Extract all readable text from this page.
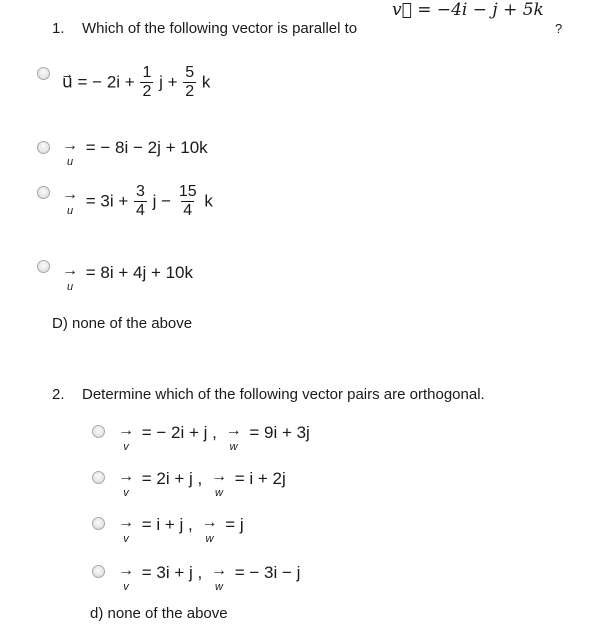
v⃗ = −4i − j + 5k
1. Which of the following vector is parallel to	?
u⃗ = − $2i + \frac{1}{2}$ $j + \frac{5}{2}$ k
→
u
= − 8i − 2j + 10k
→
$u = 3i + \frac{3}{4}$ $j - \frac{15}{4}$ k
→
u
= 8i + 4j + 10k
D) none of the above
2. Determine which of the following vector pairs are orthogonal.
→
v
= − 2i + j , →
w
= 9i + 3j
→
v
= 2i + j , →
w
= i + 2j
→
v
= i + j , →
w
= j
→
v
= 3i + j , →
w
= − 3i − j
d) none of the above
